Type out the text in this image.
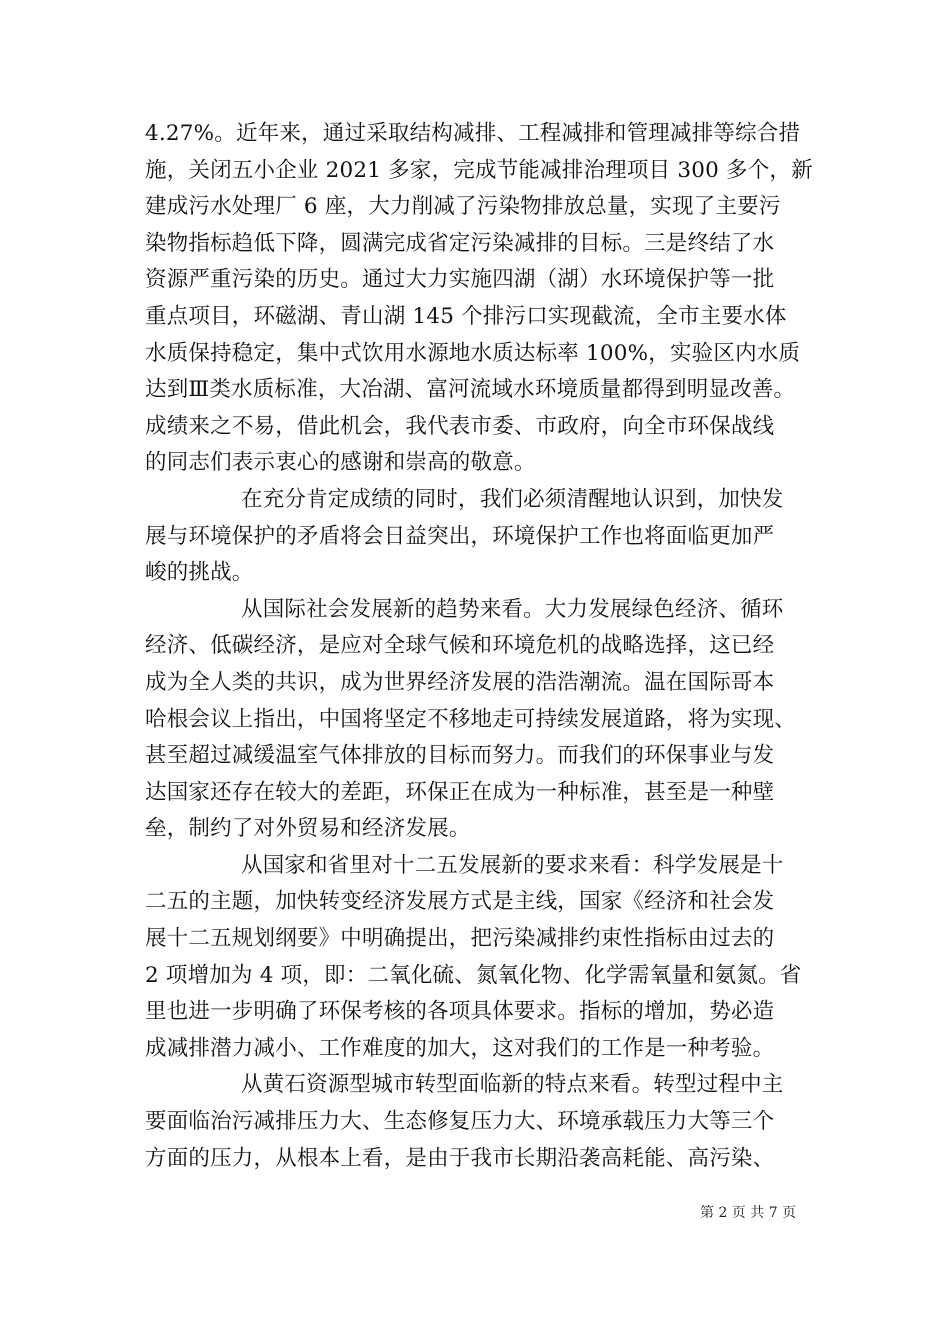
4.27%。近年来，通过采取结构减排、工程减排和管理减排等综合措
施，关闭五小企业 2021 多家，完成节能减排治理项目 300 多个，新
建成污水处理厂 6 座，大力削减了污染物排放总量，实现了主要污
染物指标趋低下降，圆满完成省定污染减排的目标。三是终结了水
资源严重污染的历史。通过大力实施四湖（湖）水环境保护等一批
重点项目，环磁湖、青山湖 145 个排污口实现截流，全市主要水体
水质保持稳定，集中式饮用水源地水质达标率 100%，实验区内水质
达到Ⅲ类水质标准，大冶湖、富河流域水环境质量都得到明显改善。
成绩来之不易，借此机会，我代表市委、市政府，向全市环保战线
的同志们表示衷心的感谢和崇高的敬意。
在充分肯定成绩的同时，我们必须清醒地认识到，加快发
展与环境保护的矛盾将会日益突出，环境保护工作也将面临更加严
峻的挑战。
从国际社会发展新的趋势来看。大力发展绿色经济、循环
经济、低碳经济，是应对全球气候和环境危机的战略选择，这已经
成为全人类的共识，成为世界经济发展的浩浩潮流。温在国际哥本
哈根会议上指出，中国将坚定不移地走可持续发展道路，将为实现、
甚至超过减缓温室气体排放的目标而努力。而我们的环保事业与发
达国家还存在较大的差距，环保正在成为一种标准，甚至是一种壁
垒，制约了对外贸易和经济发展。
从国家和省里对十二五发展新的要求来看：科学发展是十
二五的主题，加快转变经济发展方式是主线，国家《经济和社会发
展十二五规划纲要》中明确提出，把污染减排约束性指标由过去的
2 项增加为 4 项，即：二氧化硫、氮氧化物、化学需氧量和氨氮。省
里也进一步明确了环保考核的各项具体要求。指标的增加，势必造
成减排潜力减小、工作难度的加大，这对我们的工作是一种考验。
从黄石资源型城市转型面临新的特点来看。转型过程中主
要面临治污减排压力大、生态修复压力大、环境承载压力大等三个
方面的压力，从根本上看，是由于我市长期沿袭高耗能、高污染、
第 2 页 共 7 页
